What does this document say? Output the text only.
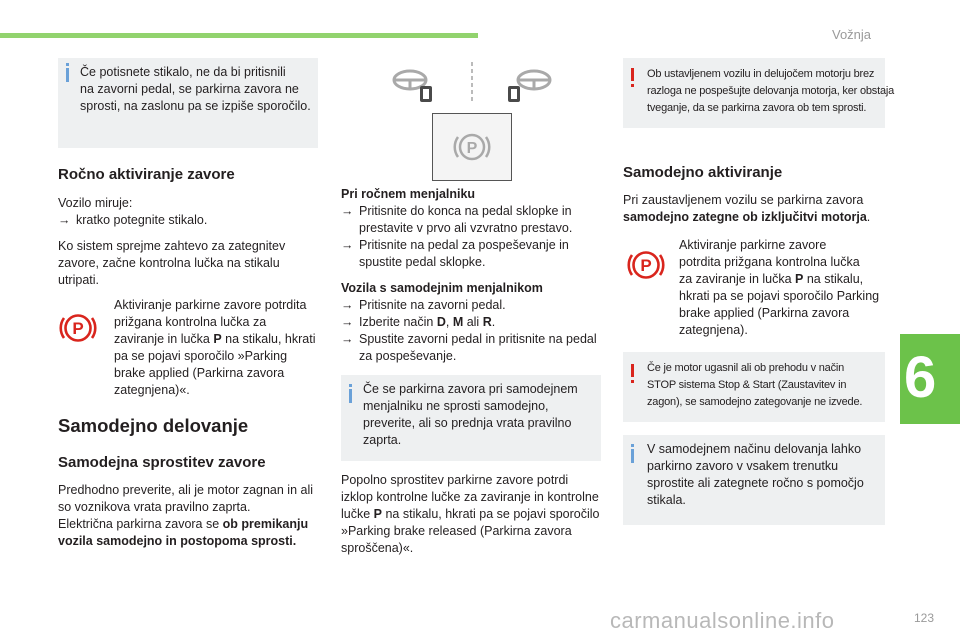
Vožnja
6
123
carmanualsonline.info

Če potisnete stikalo, ne da bi pritisnili

na zavorni pedal, se parkirna zavora ne

sprosti, na zaslonu pa se izpiše sporočilo.

Ročno aktiviranje zavore

Vozilo miruje:

→ kratko potegnite stikalo.

Ko sistem sprejme zahtevo za zategnitev

zavore, začne kontrolna lučka na stikalu

utripati.

P

Aktiviranje parkirne zavore potrdita

prižgana kontrolna lučka za

zaviranje in lučka P na stikalu, hkrati

pa se pojavi sporočilo »Parking

brake applied (Parkirna zavora

zategnjena)«.

Samodejno delovanje
Samodejna sprostitev zavore

Predhodno preverite, ali je motor zagnan in ali

so voznikova vrata pravilno zaprta.

Električna parkirna zavora se ob premikanju

vozila samodejno in postopoma sprosti.

P

Pri ročnem menjalniku

→ Pritisnite do konca na pedal sklopke in
prestavite v prvo ali vzvratno prestavo.
→ Pritisnite na pedal za pospeševanje in
spustite pedal sklopke.

Vozila s samodejnim menjalnikom

→ Pritisnite na zavorni pedal.
→ Izberite način D, M ali R.
→ Spustite zavorni pedal in pritisnite na pedal
za pospeševanje.

Če se parkirna zavora pri samodejnem

menjalniku ne sprosti samodejno,

preverite, ali so prednja vrata pravilno

zaprta.

Popolno sprostitev parkirne zavore potrdi

izklop kontrolne lučke za zaviranje in kontrolne

lučke P na stikalu, hkrati pa se pojavi sporočilo

»Parking brake released (Parkirna zavora

sproščena)«.

Ob ustavljenem vozilu in delujočem motorju brez

razloga ne pospešujte delovanja motorja, ker obstaja

tveganje, da se parkirna zavora ob tem sprosti.

Samodejno aktiviranje

Pri zaustavljenem vozilu se parkirna zavora

samodejno zategne ob izključitvi motorja.

P

Aktiviranje parkirne zavore

potrdita prižgana kontrolna lučka

za zaviranje in lučka P na stikalu,

hkrati pa se pojavi sporočilo Parking

brake applied (Parkirna zavora

zategnjena).

Če je motor ugasnil ali ob prehodu v način

STOP sistema Stop & Start (Zaustavitev in

zagon), se samodejno zategovanje ne izvede.

V samodejnem načinu delovanja lahko

parkirno zavoro v vsakem trenutku

sprostite ali zategnete ročno s pomočjo

stikala.
